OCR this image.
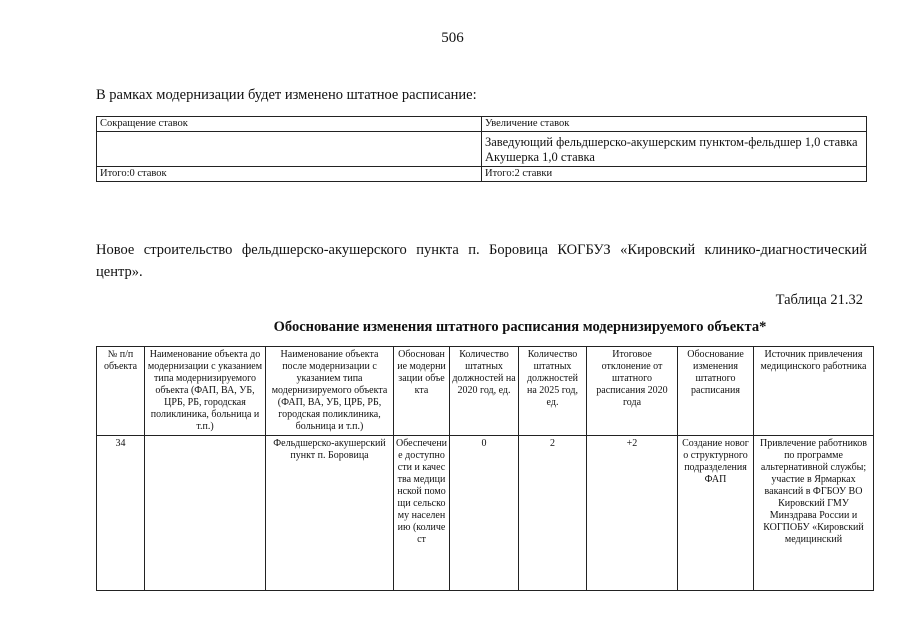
506
В рамках модернизации будет изменено штатное расписание:
Сокращение ставок	Увеличение ставок

	Заведующий фельдшерско-акушерским пунктом-фельдшер 1,0 ставка
Акушерка 1,0 ставка

Итого:0 ставок	Итого:2 ставки
Новое строительство фельдшерско-акушерского пункта п. Боровица КОГБУЗ «Кировский клинико-диагностический центр».
Таблица 21.32
Обоснование изменения штатного расписания модернизируемого объекта*
№ п/п объекта	Наименование объекта до модернизации с указанием типа модернизируемого объекта (ФАП, ВА, УБ, ЦРБ, РБ, городская поликлиника, больница и т.п.)	Наименование объекта после модернизации с указанием типа модернизируемого объекта (ФАП, ВА, УБ, ЦРБ, РБ, городская поликлиника, больница и т.п.)	Обоснование модернизации объекта	Количество штатных должностей на 2020 год, ед.	Количество штатных должностей на 2025 год, ед.	Итоговое отклонение от штатного расписания 2020 года	Обоснование изменения штатного расписания	Источник привлечения медицинского работника
34		Фельдшерско-акушерский пункт п. Боровица	Обеспечение доступности и качества медицинской помощи сельскому населению (количест	0	2	+2	Создание нового структурного подразделения ФАП	Привлечение работников по программе альтернативной службы; участие в Ярмарках вакансий в ФГБОУ ВО Кировский ГМУ Минздрава России и КОГПОБУ «Кировский медицинский
